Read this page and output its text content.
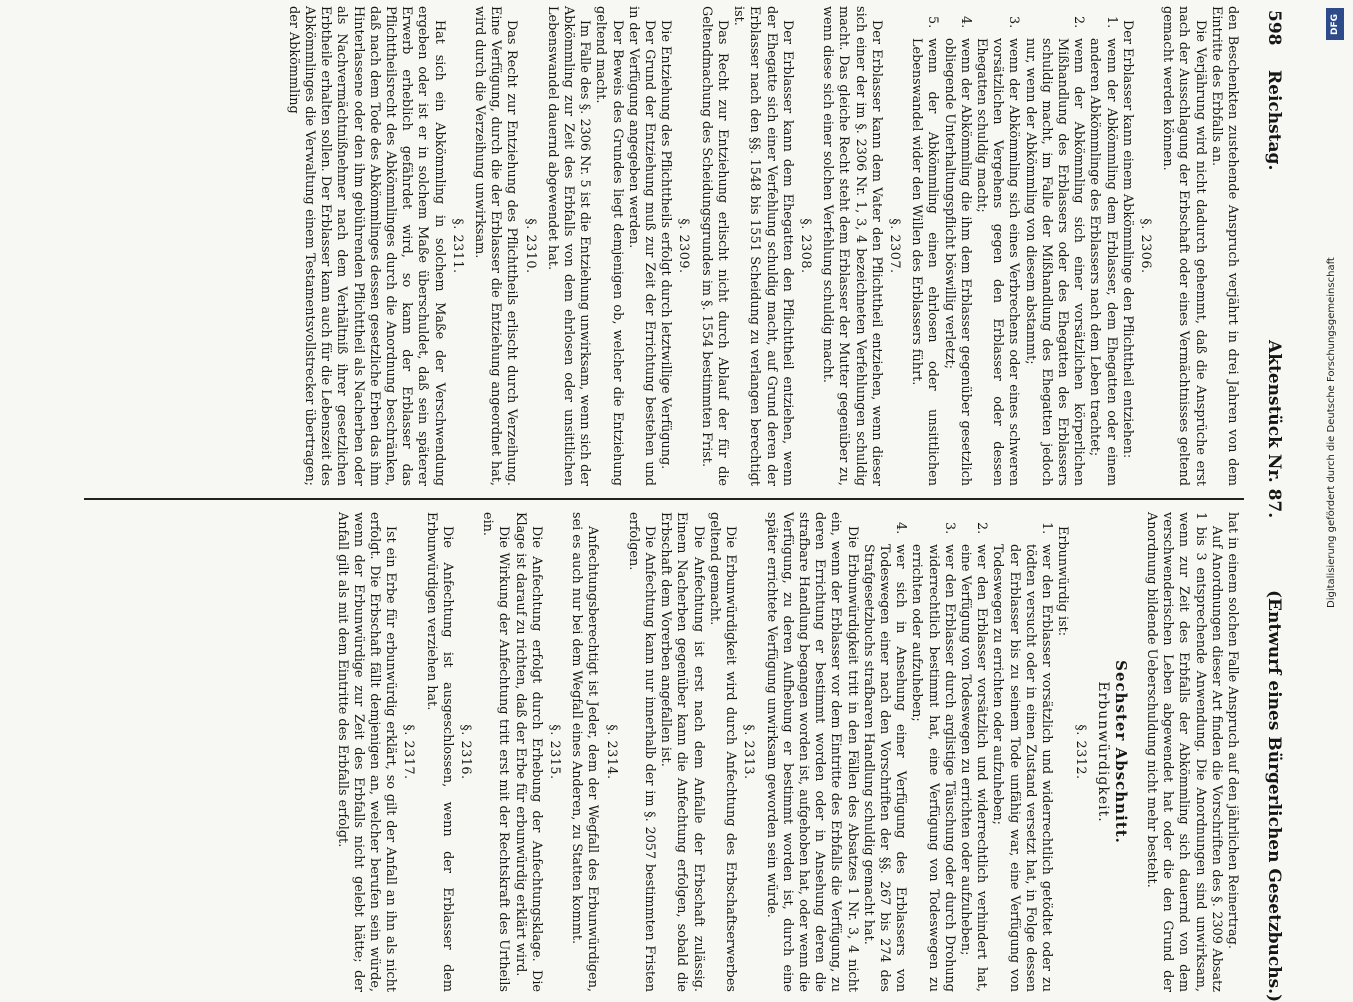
598
Reichstag.
Aktenstück Nr. 87.
(Entwurf eines Bürgerlichen Gesetzbuchs.)

den Beschenkten zustehende Anspruch verjährt in drei Jahren von dem Eintritte des Erbfalls an.

Die Verjährung wird nicht dadurch gehemmt, daß die Ansprüche erst nach der Ausschlagung der Erbschaft oder eines Vermächtnisses geltend gemacht werden können.

§. 2306.

Der Erblasser kann einem Abkömmlinge den Pflichttheil entziehen:

1.
wenn der Abkömmling dem Erblasser, dem Ehegatten oder einem anderen Abkömmlinge des Erblassers nach dem Leben trachtet;

2.
wenn der Abkömmling sich einer vorsätzlichen körperlichen Mißhandlung des Erblassers oder des Ehegatten des Erblassers schuldig macht, im Falle der Mißhandlung des Ehegatten jedoch nur, wenn der Abkömmling von diesem abstammt;

3.
wenn der Abkömmling sich eines Verbrechens oder eines schweren vorsätzlichen Vergehens gegen den Erblasser oder dessen Ehegatten schuldig macht;

4.
wenn der Abkömmling die ihm dem Erblasser gegenüber gesetzlich obliegende Unterhaltungspflicht böswillig verletzt;

5.
wenn der Abkömmling einen ehrlosen oder unsittlichen Lebenswandel wider den Willen des Erblassers führt.

§. 2307.

Der Erblasser kann dem Vater den Pflichttheil entziehen, wenn dieser sich einer der im §. 2306 Nr. 1, 3, 4 bezeichneten Verfehlungen schuldig macht. Das gleiche Recht steht dem Erblasser der Mutter gegenüber zu, wenn diese sich einer solchen Verfehlung schuldig macht.

§. 2308.

Der Erblasser kann dem Ehegatten den Pflichttheil entziehen, wenn der Ehegatte sich einer Verfehlung schuldig macht, auf Grund deren der Erblasser nach den §§. 1548 bis 1551 Scheidung zu verlangen berechtigt ist.

Das Recht zur Entziehung erlischt nicht durch Ablauf der für die Geltendmachung des Scheidungsgrundes im §. 1554 bestimmten Frist.

§. 2309.

Die Entziehung des Pflichttheils erfolgt durch letztwillige Verfügung.

Der Grund der Entziehung muß zur Zeit der Errichtung bestehen und in der Verfügung angegeben werden.

Der Beweis des Grundes liegt demjenigen ob, welcher die Entziehung geltend macht.

Im Falle des §. 2306 Nr. 5 ist die Entziehung unwirksam, wenn sich der Abkömmling zur Zeit des Erbfalls von dem ehrlosen oder unsittlichen Lebenswandel dauernd abgewendet hat.

§. 2310.

Das Recht zur Entziehung des Pflichttheils erlischt durch Verzeihung. Eine Verfügung, durch die der Erblasser die Entziehung angeordnet hat, wird durch die Verzeihung unwirksam.

§. 2311.

Hat sich ein Abkömmling in solchem Maße der Verschwendung ergeben oder ist er in solchem Maße überschuldet, daß sein späterer Erwerb erheblich gefährdet wird, so kann der Erblasser das Pflichttheilsrecht des Abkömmlinges durch die Anordnung beschränken, daß nach dem Tode des Abkömmlinges dessen gesetzliche Erben das ihm Hinterlassene oder den ihm gebührenden Pflichttheil als Nacherben oder als Nachvermächtnißnehmer nach dem Verhältniß ihrer gesetzlichen Erbtheile erhalten sollen. Der Erblasser kann auch für die Lebenszeit des Abkömmlinges die Verwaltung einem Testamentsvollstrecker übertragen; der Abkömmling

hat in einem solchen Falle Anspruch auf den jährlichen Reinertrag.

Auf Anordnungen dieser Art finden die Vorschriften des §. 2309 Absatz 1 bis 3 entsprechende Anwendung. Die Anordnungen sind unwirksam, wenn zur Zeit des Erbfalls der Abkömmling sich dauernd von dem verschwenderischen Leben abgewendet hat oder die den Grund der Anordnung bildende Ueberschuldung nicht mehr besteht.

Sechster Abschnitt.
Erbunwürdigkeit.
§. 2312.

Erbunwürdig ist:

1.
wer den Erblasser vorsätzlich und widerrechtlich getödtet oder zu tödten versucht oder in einen Zustand versetzt hat, in Folge dessen der Erblasser bis zu seinem Tode unfähig war, eine Verfügung von Todeswegen zu errichten oder aufzuheben;

2.
wer den Erblasser vorsätzlich und widerrechtlich verhindert hat, eine Verfügung von Todeswegen zu errichten oder aufzuheben;

3.
wer den Erblasser durch arglistige Täuschung oder durch Drohung widerrechtlich bestimmt hat, eine Verfügung von Todeswegen zu errichten oder aufzuheben;

4.
wer sich in Ansehung einer Verfügung des Erblassers von Todeswegen einer nach den Vorschriften der §§. 267 bis 274 des Strafgesetzbuchs strafbaren Handlung schuldig gemacht hat.

Die Erbunwürdigkeit tritt in den Fällen des Absatzes 1 Nr. 3, 4 nicht ein, wenn der Erblasser vor dem Eintritte des Erbfalls die Verfügung, zu deren Errichtung er bestimmt worden oder in Ansehung deren die strafbare Handlung begangen worden ist, aufgehoben hat, oder wenn die Verfügung, zu deren Aufhebung er bestimmt worden ist, durch eine später errichtete Verfügung unwirksam geworden sein würde.

§. 2313.

Die Erbunwürdigkeit wird durch Anfechtung des Erbschaftserwerbes geltend gemacht.

Die Anfechtung ist erst nach dem Anfalle der Erbschaft zulässig. Einem Nacherben gegenüber kann die Anfechtung erfolgen, sobald die Erbschaft dem Vorerben angefallen ist.

Die Anfechtung kann nur innerhalb der im §. 2057 bestimmten Fristen erfolgen.

§. 2314.

Anfechtungsberechtigt ist Jeder, dem der Wegfall des Erbunwürdigen, sei es auch nur bei dem Wegfall eines Anderen, zu Statten kommt.

§. 2315.

Die Anfechtung erfolgt durch Erhebung der Anfechtungsklage. Die Klage ist darauf zu richten, daß der Erbe für erbunwürdig erklärt wird.

Die Wirkung der Anfechtung tritt erst mit der Rechtskraft des Urtheils ein.

§. 2316.

Die Anfechtung ist ausgeschlossen, wenn der Erblasser dem Erbunwürdigen verziehen hat.

§. 2317.

Ist ein Erbe für erbunwürdig erklärt, so gilt der Anfall an ihn als nicht erfolgt. Die Erbschaft fällt demjenigen an, welcher berufen sein würde, wenn der Erbunwürdige zur Zeit des Erbfalls nicht gelebt hätte; der Anfall gilt als mit dem Eintritte des Erbfalls erfolgt.

DFG
Digitalisierung gefördert durch die Deutsche Forschungsgemeinschaft
